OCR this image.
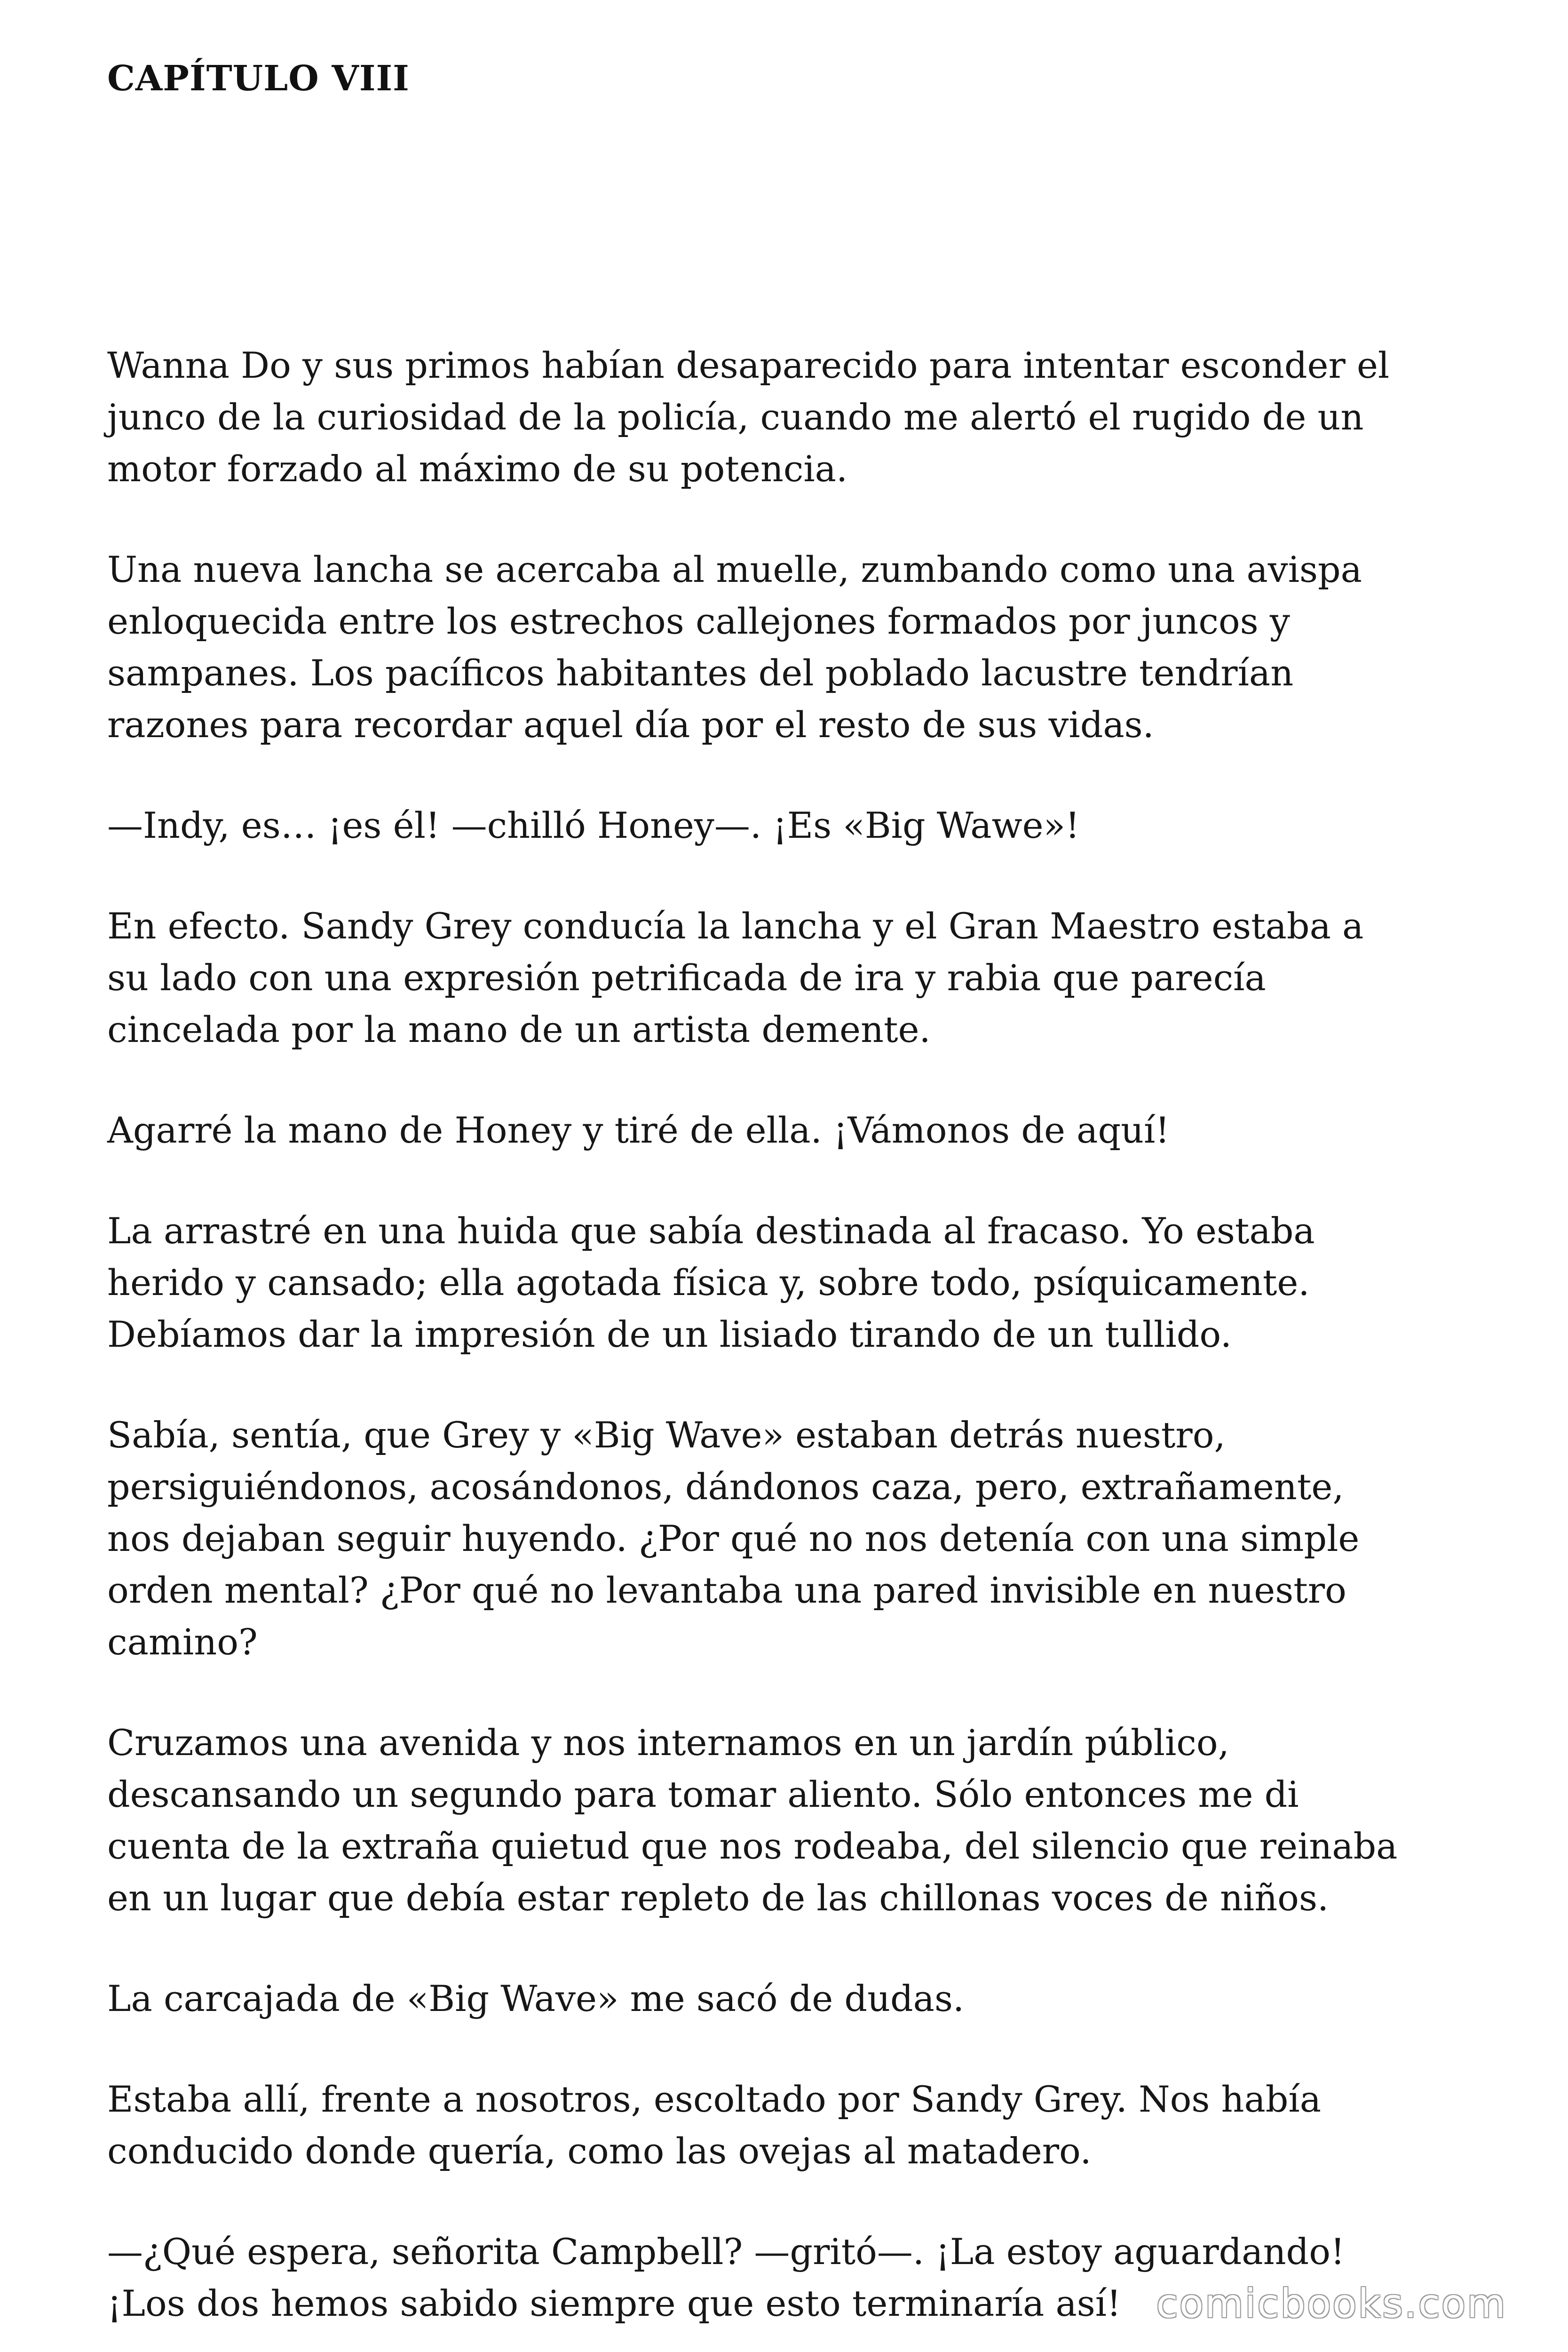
CAPÍTULO VIII

Wanna Do y sus primos habían desaparecido para intentar esconder el
junco de la curiosidad de la policía, cuando me alertó el rugido de un
motor forzado al máximo de su potencia.

Una nueva lancha se acercaba al muelle, zumbando como una avispa
enloquecida entre los estrechos callejones formados por juncos y
sampanes. Los pacíficos habitantes del poblado lacustre tendrían
razones para recordar aquel día por el resto de sus vidas.

—Indy, es… ¡es él! —chilló Honey—. ¡Es «Big Wawe»!

En efecto. Sandy Grey conducía la lancha y el Gran Maestro estaba a
su lado con una expresión petrificada de ira y rabia que parecía
cincelada por la mano de un artista demente.

Agarré la mano de Honey y tiré de ella. ¡Vámonos de aquí!

La arrastré en una huida que sabía destinada al fracaso. Yo estaba
herido y cansado; ella agotada física y, sobre todo, psíquicamente.
Debíamos dar la impresión de un lisiado tirando de un tullido.

Sabía, sentía, que Grey y «Big Wave» estaban detrás nuestro,
persiguiéndonos, acosándonos, dándonos caza, pero, extrañamente,
nos dejaban seguir huyendo. ¿Por qué no nos detenía con una simple
orden mental? ¿Por qué no levantaba una pared invisible en nuestro
camino?

Cruzamos una avenida y nos internamos en un jardín público,
descansando un segundo para tomar aliento. Sólo entonces me di
cuenta de la extraña quietud que nos rodeaba, del silencio que reinaba
en un lugar que debía estar repleto de las chillonas voces de niños.

La carcajada de «Big Wave» me sacó de dudas.

Estaba allí, frente a nosotros, escoltado por Sandy Grey. Nos había
conducido donde quería, como las ovejas al matadero.

—¿Qué espera, señorita Campbell? —gritó—. ¡La estoy aguardando!
¡Los dos hemos sabido siempre que esto terminaría así! comicbooks.com
